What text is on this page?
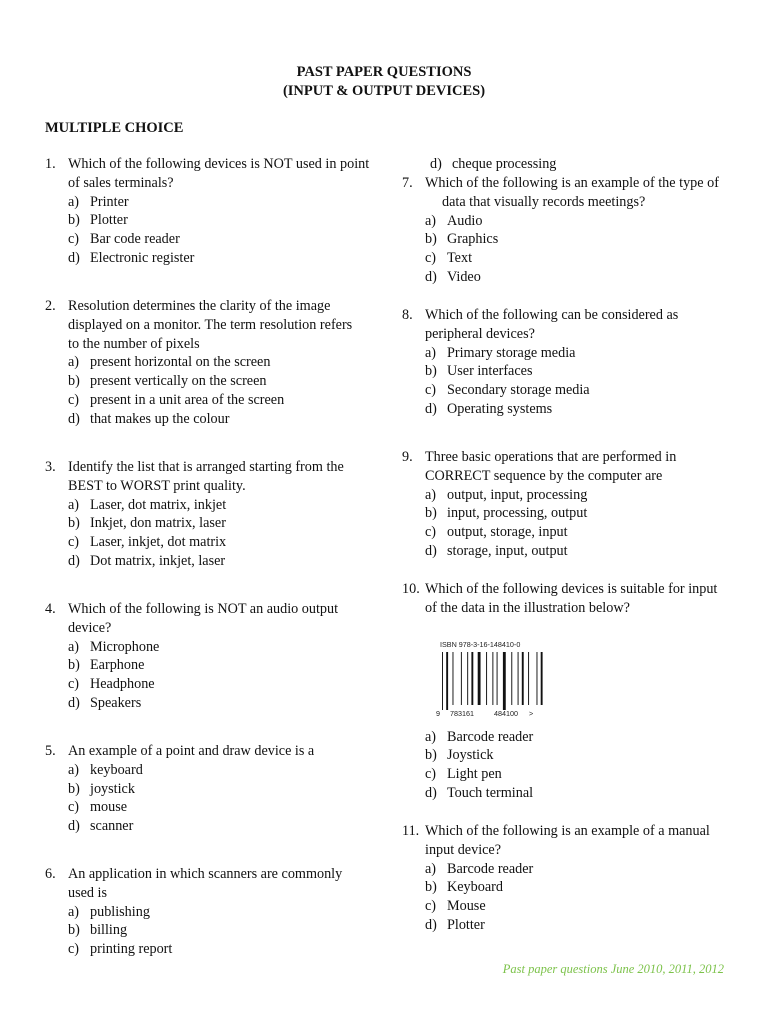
PAST PAPER QUESTIONS
(INPUT & OUTPUT DEVICES)
MULTIPLE CHOICE
1. Which of the following devices is NOT used in point
of sales terminals?
a) Printer
b) Plotter
c) Bar code reader
d) Electronic register
2. Resolution determines the clarity of the image
displayed on a monitor. The term resolution refers
to the number of pixels
a) present horizontal on the screen
b) present vertically on the screen
c) present in a unit area of the screen
d) that makes up the colour
3. Identify the list that is arranged starting from the
BEST to WORST print quality.
a) Laser, dot matrix, inkjet
b) Inkjet, don matrix, laser
c) Laser, inkjet, dot matrix
d) Dot matrix, inkjet, laser
4. Which of the following is NOT an audio output
device?
a) Microphone
b) Earphone
c) Headphone
d) Speakers
5. An example of a point and draw device is a
a) keyboard
b) joystick
c) mouse
d) scanner
d) cheque processing
6. An application in which scanners are commonly
used is
a) publishing
b) billing
c) printing report
7. Which of the following is an example of the type of
data that visually records meetings?
a) Audio
b) Graphics
c) Text
d) Video
8. Which of the following can be considered as
peripheral devices?
a) Primary storage media
b) User interfaces
c) Secondary storage media
d) Operating systems
9. Three basic operations that are performed in
CORRECT sequence by the computer are
a) output, input, processing
b) input, processing, output
c) output, storage, input
d) storage, input, output
10. Which of the following devices is suitable for input
of the data in the illustration below?
a) Barcode reader
b) Joystick
c) Light pen
d) Touch terminal
11. Which of the following is an example of a manual
input device?
a) Barcode reader
b) Keyboard
c) Mouse
d) Plotter
ISBN 978-3-16-148410-0
9 783161	484100 >
Past paper questions June 2010, 2011, 2012
